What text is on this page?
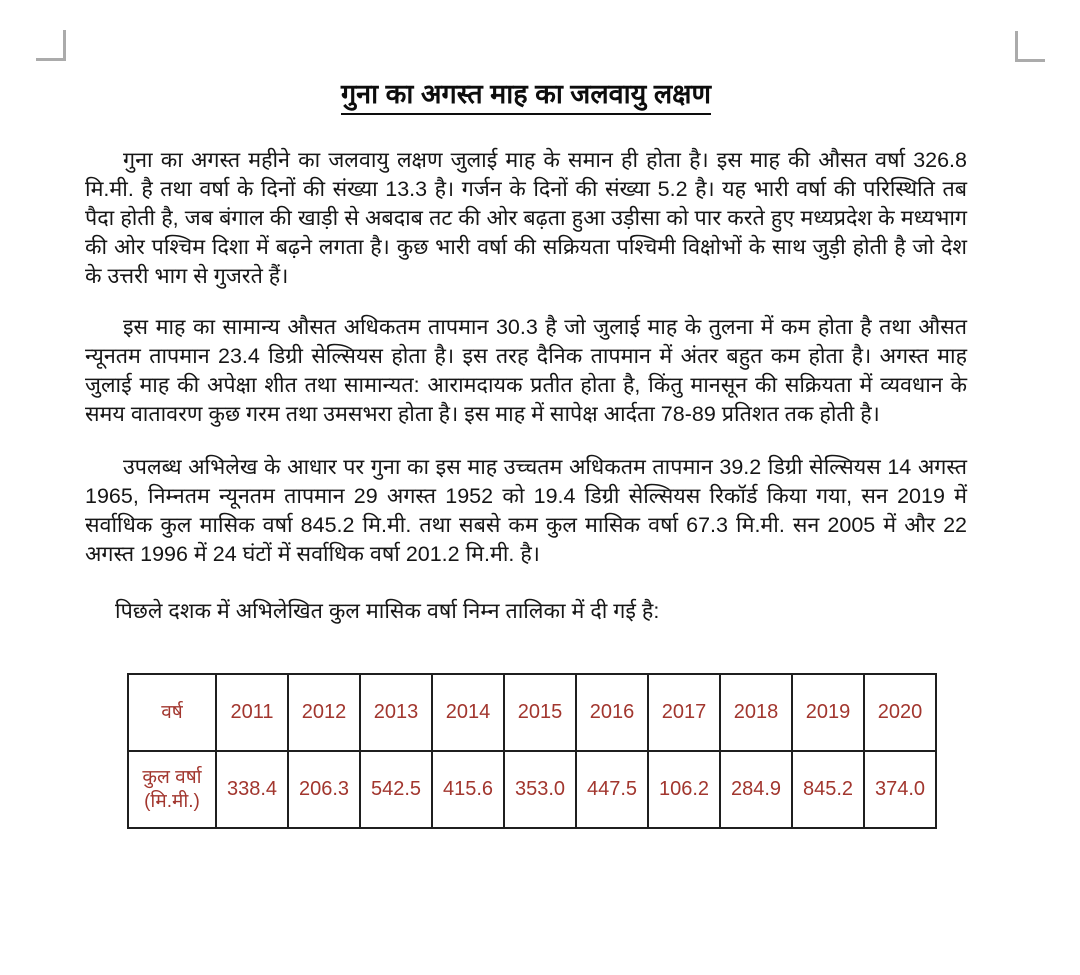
गुना का अगस्त माह का जलवायु लक्षण

गुना का अगस्त महीने का जलवायु लक्षण जुलाई माह के समान ही होता है। इस माह की औसत वर्षा 326.8 मि.मी. है तथा वर्षा के दिनों की संख्या 13.3 है। गर्जन के दिनों की संख्या 5.2 है। यह भारी वर्षा की परिस्थिति तब पैदा होती है, जब बंगाल की खाड़ी से अबदाब तट की ओर बढ़ता हुआ उड़ीसा को पार करते हुए मध्यप्रदेश के मध्यभाग की ओर पश्चिम दिशा में बढ़ने लगता है। कुछ भारी वर्षा की सक्रियता पश्चिमी विक्षोभों के साथ जुड़ी होती है जो देश के उत्तरी भाग से गुजरते हैं।

इस माह का सामान्य औसत अधिकतम तापमान 30.3 है जो जुलाई माह के तुलना में कम होता है तथा औसत न्यूनतम तापमान 23.4 डिग्री सेल्सियस होता है। इस तरह दैनिक तापमान में अंतर बहुत कम होता है। अगस्त माह जुलाई माह की अपेक्षा शीत तथा सामान्यत: आरामदायक प्रतीत होता है, किंतु मानसून की सक्रियता में व्यवधान के समय वातावरण कुछ गरम तथा उमसभरा होता है। इस माह में सापेक्ष आर्दता 78-89 प्रतिशत तक होती है।

उपलब्ध अभिलेख के आधार पर गुना का इस माह उच्चतम अधिकतम तापमान 39.2 डिग्री सेल्सियस 14 अगस्त 1965, निम्नतम न्यूनतम तापमान 29 अगस्त 1952 को 19.4 डिग्री सेल्सियस रिकॉर्ड किया गया, सन 2019 में सर्वाधिक कुल मासिक वर्षा 845.2 मि.मी. तथा सबसे कम कुल मासिक वर्षा 67.3 मि.मी. सन 2005 में और 22 अगस्त 1996 में 24 घंटों में सर्वाधिक वर्षा 201.2 मि.मी. है।

पिछले दशक में अभिलेखित कुल मासिक वर्षा निम्न तालिका में दी गई है:

वर्ष	2011	2012	2013	2014	2015	2016	2017	2018	2019	2020

कुल वर्षा
(मि.मी.)	338.4	206.3	542.5	415.6	353.0	447.5	106.2	284.9	845.2	374.0
